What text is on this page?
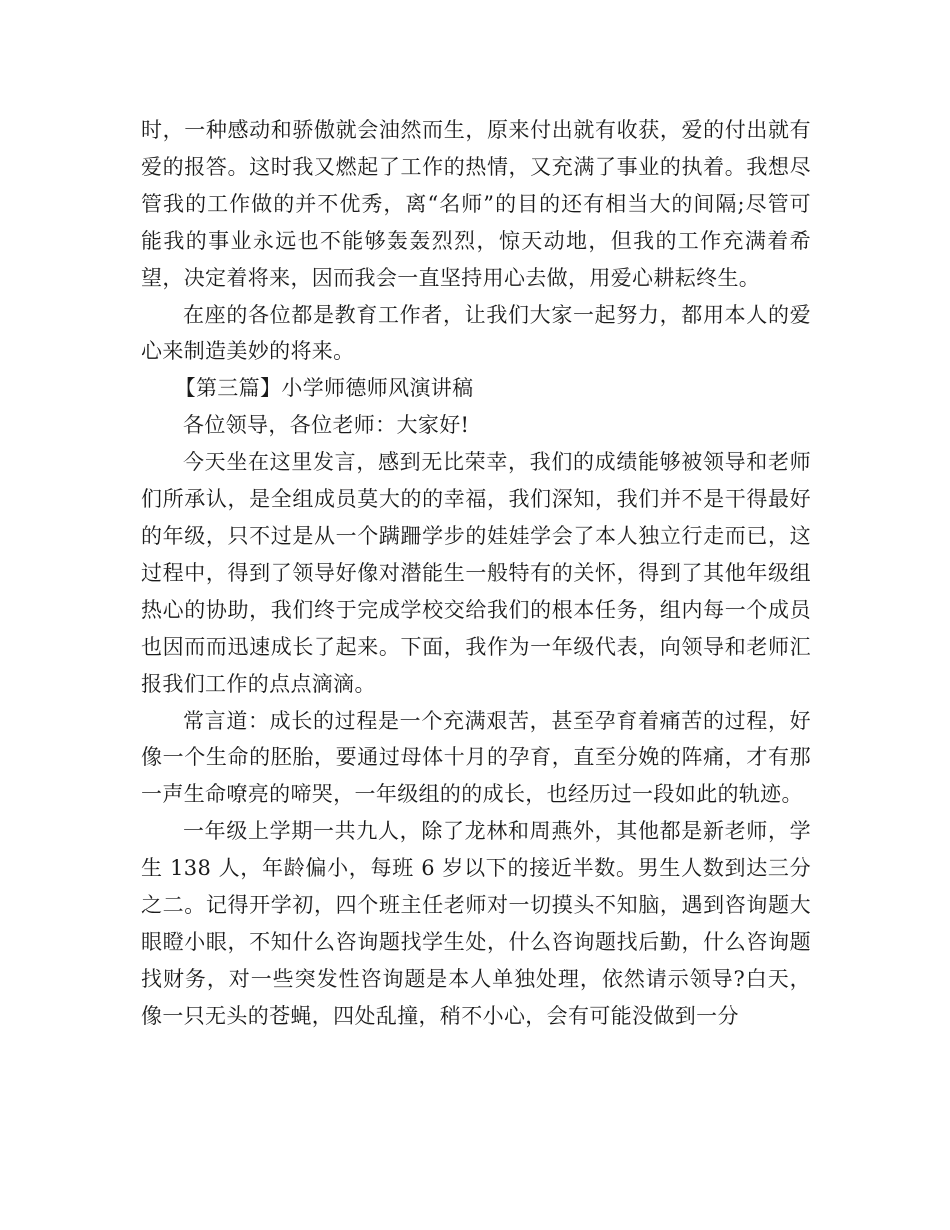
时，一种感动和骄傲就会油然而生，原来付出就有收获，爱的付出就有爱的报答。这时我又燃起了工作的热情，又充满了事业的执着。我想尽管我的工作做的并不优秀，离“名师”的目的还有相当大的间隔;尽管可能我的事业永远也不能够轰轰烈烈，惊天动地，但我的工作充满着希望，决定着将来，因而我会一直坚持用心去做，用爱心耕耘终生。

在座的各位都是教育工作者，让我们大家一起努力，都用本人的爱心来制造美妙的将来。

【第三篇】小学师德师风演讲稿

各位领导，各位老师：大家好!

今天坐在这里发言，感到无比荣幸，我们的成绩能够被领导和老师们所承认，是全组成员莫大的的幸福，我们深知，我们并不是干得最好的年级，只不过是从一个蹒跚学步的娃娃学会了本人独立行走而已，这过程中，得到了领导好像对潜能生一般特有的关怀，得到了其他年级组热心的协助，我们终于完成学校交给我们的根本任务，组内每一个成员也因而而迅速成长了起来。下面，我作为一年级代表，向领导和老师汇报我们工作的点点滴滴。

常言道：成长的过程是一个充满艰苦，甚至孕育着痛苦的过程，好像一个生命的胚胎，要通过母体十月的孕育，直至分娩的阵痛，才有那一声生命嘹亮的啼哭，一年级组的的成长，也经历过一段如此的轨迹。

一年级上学期一共九人，除了龙林和周燕外，其他都是新老师，学生 138 人，年龄偏小，每班 6 岁以下的接近半数。男生人数到达三分之二。记得开学初，四个班主任老师对一切摸头不知脑，遇到咨询题大眼瞪小眼，不知什么咨询题找学生处，什么咨询题找后勤，什么咨询题找财务，对一些突发性咨询题是本人单独处理，依然请示领导?白天，像一只无头的苍蝇，四处乱撞，稍不小心，会有可能没做到一分
